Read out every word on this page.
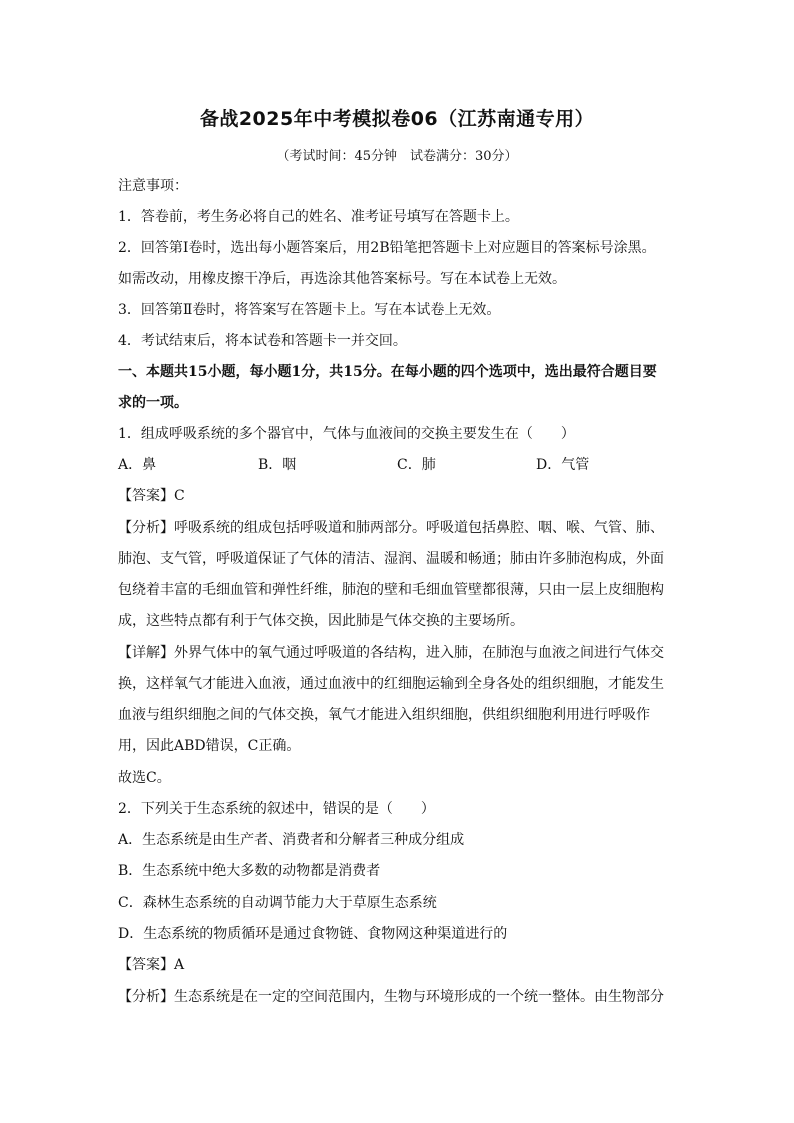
备战2025年中考模拟卷06（江苏南通专用）
（考试时间：45分钟　试卷满分：30分）
注意事项：
1．答卷前，考生务必将自己的姓名、准考证号填写在答题卡上。
2．回答第Ⅰ卷时，选出每小题答案后，用2B铅笔把答题卡上对应题目的答案标号涂黑。
如需改动，用橡皮擦干净后，再选涂其他答案标号。写在本试卷上无效。
3．回答第Ⅱ卷时，将答案写在答题卡上。写在本试卷上无效。
4．考试结束后，将本试卷和答题卡一并交回。
一、本题共15小题，每小题1分，共15分。在每小题的四个选项中，选出最符合题目要
求的一项。
1．组成呼吸系统的多个器官中，气体与血液间的交换主要发生在（　　）
A．鼻	B．咽	C．肺	D．气管
【答案】C
【分析】呼吸系统的组成包括呼吸道和肺两部分。呼吸道包括鼻腔、咽、喉、气管、肺、
肺泡、支气管，呼吸道保证了气体的清洁、湿润、温暖和畅通；肺由许多肺泡构成，外面
包绕着丰富的毛细血管和弹性纤维，肺泡的壁和毛细血管壁都很薄，只由一层上皮细胞构
成，这些特点都有利于气体交换，因此肺是气体交换的主要场所。
【详解】外界气体中的氧气通过呼吸道的各结构，进入肺，在肺泡与血液之间进行气体交
换，这样氧气才能进入血液，通过血液中的红细胞运输到全身各处的组织细胞，才能发生
血液与组织细胞之间的气体交换，氧气才能进入组织细胞，供组织细胞利用进行呼吸作
用，因此ABD错误，C正确。
故选C。
2．下列关于生态系统的叙述中，错误的是（　　）
A．生态系统是由生产者、消费者和分解者三种成分组成
B．生态系统中绝大多数的动物都是消费者
C．森林生态系统的自动调节能力大于草原生态系统
D．生态系统的物质循环是通过食物链、食物网这种渠道进行的
【答案】A
【分析】生态系统是在一定的空间范围内，生物与环境形成的一个统一整体。由生物部分
